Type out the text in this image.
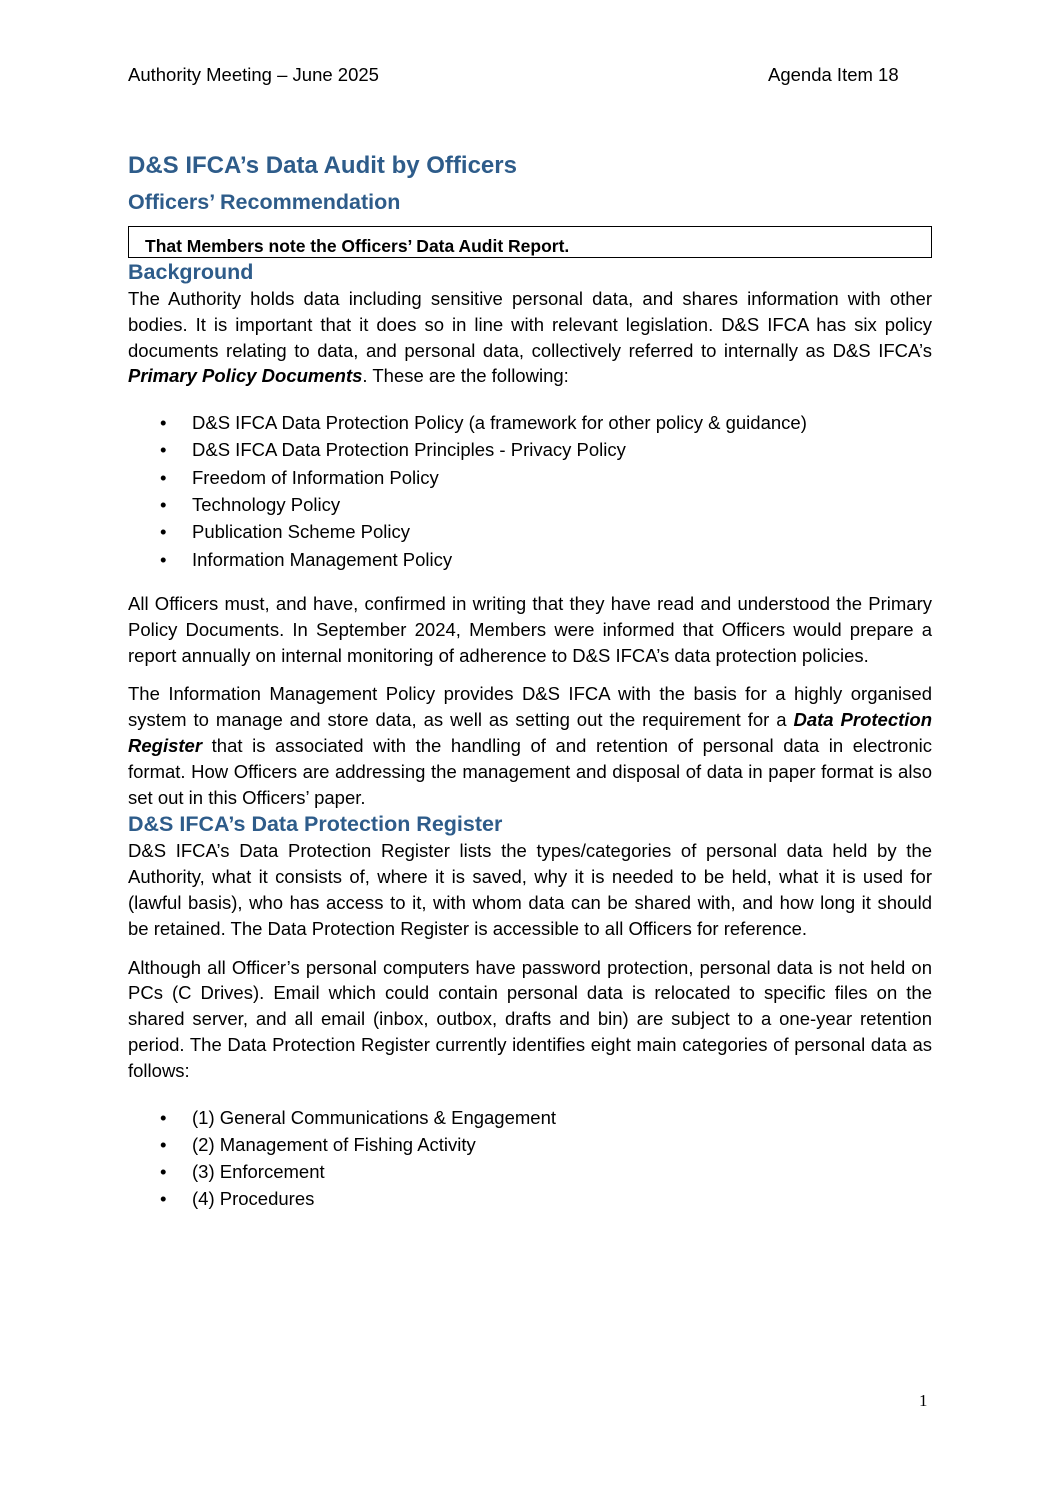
Authority Meeting – June 2025	Agenda Item 18
D&S IFCA’s Data Audit by Officers
Officers’ Recommendation
That Members note the Officers’ Data Audit Report.
Background

The Authority holds data including sensitive personal data, and shares information with other bodies. It is important that it does so in line with relevant legislation. D&S IFCA has six policy documents relating to data, and personal data, collectively referred to internally as D&S IFCA’s Primary Policy Documents. These are the following:

• D&S IFCA Data Protection Policy (a framework for other policy & guidance)
• D&S IFCA Data Protection Principles - Privacy Policy
• Freedom of Information Policy
• Technology Policy
• Publication Scheme Policy
• Information Management Policy

All Officers must, and have, confirmed in writing that they have read and understood the Primary Policy Documents. In September 2024, Members were informed that Officers would prepare a report annually on internal monitoring of adherence to D&S IFCA’s data protection policies.

The Information Management Policy provides D&S IFCA with the basis for a highly organised system to manage and store data, as well as setting out the requirement for a Data Protection Register that is associated with the handling of and retention of personal data in electronic format. How Officers are addressing the management and disposal of data in paper format is also set out in this Officers’ paper.

D&S IFCA’s Data Protection Register

D&S IFCA’s Data Protection Register lists the types/categories of personal data held by the Authority, what it consists of, where it is saved, why it is needed to be held, what it is used for (lawful basis), who has access to it, with whom data can be shared with, and how long it should be retained. The Data Protection Register is accessible to all Officers for reference.

Although all Officer’s personal computers have password protection, personal data is not held on PCs (C Drives). Email which could contain personal data is relocated to specific files on the shared server, and all email (inbox, outbox, drafts and bin) are subject to a one-year retention period. The Data Protection Register currently identifies eight main categories of personal data as follows:

• (1) General Communications & Engagement
• (2) Management of Fishing Activity
• (3) Enforcement
• (4) Procedures
1
